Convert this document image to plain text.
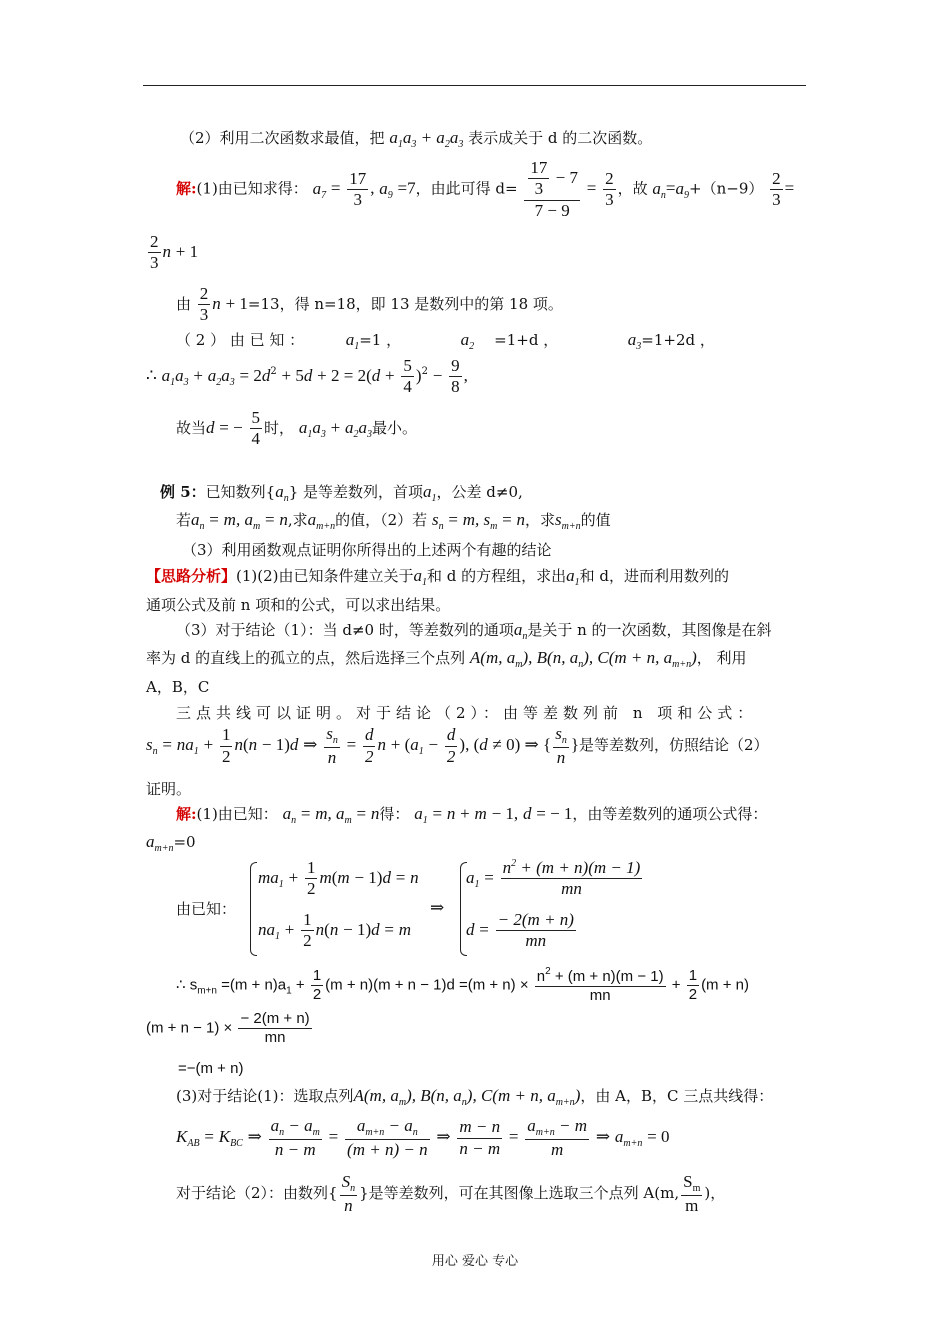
（2）利用二次函数求最值，把 $a_1a_3 + a_2a_3$ 表示成关于 d 的二次函数。
解:(1)由已知求得： $a_7 = \frac{17}{3}$ , $a_9 =7$，由此可得 $d= \frac{\frac{17}{3} - 7}{7 - 9} = \frac{2}{3}$ ，故 $a_n=a_9+(n-9) \frac{2}{3}$ =
$\frac{2}{3}$ n + 1
由 $\frac{2}{3}$ n + 1=13，得 n=18，即 13 是数列中的第 18 项。
（ 2 ） 由 已 知 ： $a_1=1$ ，	$a_2 =1+d$ ，	$a_3=1+2d$ ，
∴ $a_1a_3 + a_2a_3 = 2d^2 + 5d + 2 = 2(d + \frac{5}{4} )^2 - \frac{9}{8}$ ,
故当d = − $\frac{5}{4}$ 时， $a_1a_3 + a_2a_3$最小。
例 5：已知数列$\{a_n\}$ 是等差数列，首项$a_1$，公差 d≠0,
若$a_n = m$, $a_m = n$,求$a_{m+n}$的值，（2）若 $s_n = m$, $s_m = n$，求$s_{m+n}$的值
（3）利用函数观点证明你所得出的上述两个有趣的结论
【思路分析】(1)(2)由已知条件建立关于$a_1$和 d 的方程组，求出$a_1$和 d，进而利用数列的
通项公式及前 n 项和的公式，可以求出结果。
（3）对于结论（1）：当 d≠0 时，等差数列的通项$a_n$是关于 n 的一次函数，其图像是在斜
率为 d 的直线上的孤立的点，然后选择三个点列 A(m, $a_m$), B(n, $a_n$), C(m + n, $a_{m+n}$)， 利用
A，B，C
三点共线可以证明。对于结论（2）：由等差数列前 n 项和公式：
$s_n = na_1 + \frac{1}{2} n(n - 1)d$ ⇒ $\frac{s_n}{n} = \frac{d}{2}$ $n + (a_1 - \frac{d}{2}$ ), (d ≠ 0) ⇒ { $\frac{s_n}{n}$ }是等差数列，仿照结论（2）
证明。
解:(1)由已知： $a_n = m$, $a_m = n$得： $a_1 = n + m - 1$, d = − 1，由等差数列的通项公式得：
$a_{m+n}=0$
由已知：
$ma_1 + \frac{1}{2} m(m - 1)d = n$
$na_1 + \frac{1}{2} n(n - 1)d = m$
⇒
$a_1 = \frac{n^2 + (m + n)(m - 1)}{mn}$
$d = \frac{- 2(m + n)}{mn}$
∴ $s_{m+n} =(m + n)a_1 + \frac{1}{2} (m + n)(m + n - 1)d =(m + n) \times \frac{n^2 + (m + n)(m - 1)}{mn} + \frac{1}{2} (m + n)$
$(m + n - 1) \times \frac{- 2(m + n)}{mn}$
=−(m + n)
(3)对于结论(1)：选取点列A(m, $a_m$), B(n, $a_n$), C(m + n, $a_{m+n}$)，由 A，B，C 三点共线得：
$K_{AB} = K_{BC}$ ⇒ $\frac{a_n - a_m}{n - m} = \frac{a_{m+n} - a_n}{(m + n) - n}$ ⇒ $\frac{m - n}{n - m} = \frac{a_{m+n} - m}{m}$ ⇒ $a_{m+n} = 0$
对于结论（2）：由数列{ $\frac{S_n}{n}$ }是等差数列，可在其图像上选取三个点列 A(m, $\frac{S_m}{m}$ )，
用心 爱心 专心
